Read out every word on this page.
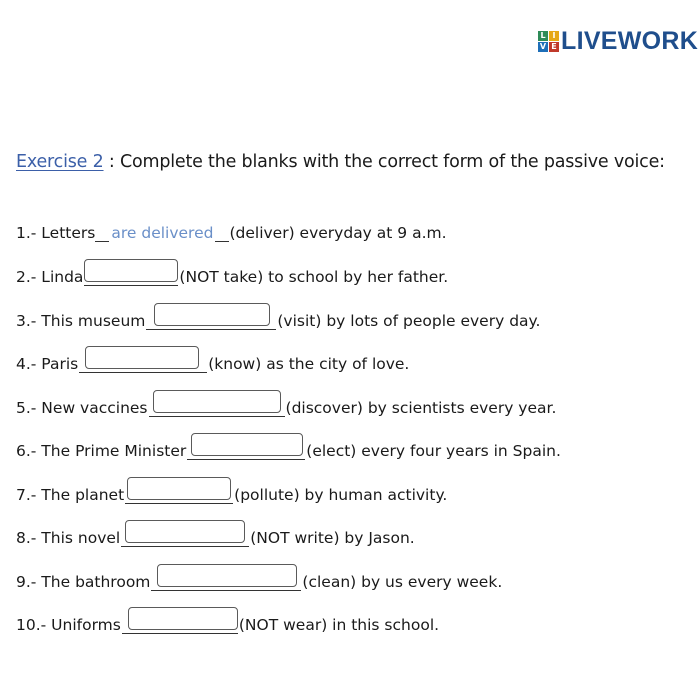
L I
V E LIVEWORK
Exercise 2 : Complete the blanks with the correct form of the passive voice:
1.- Letters are delivered (deliver) everyday at 9 a.m.
2.- Linda	(NOT take) to school by her father.
3.- This museum	(visit) by lots of people every day.
4.- Paris	(know) as the city of love.
5.- New vaccines	(discover) by scientists every year.
6.- The Prime Minister	(elect) every four years in Spain.
7.- The planet	(pollute) by human activity.
8.- This novel	(NOT write) by Jason.
9.- The bathroom	(clean) by us every week.
10.- Uniforms	(NOT wear) in this school.
